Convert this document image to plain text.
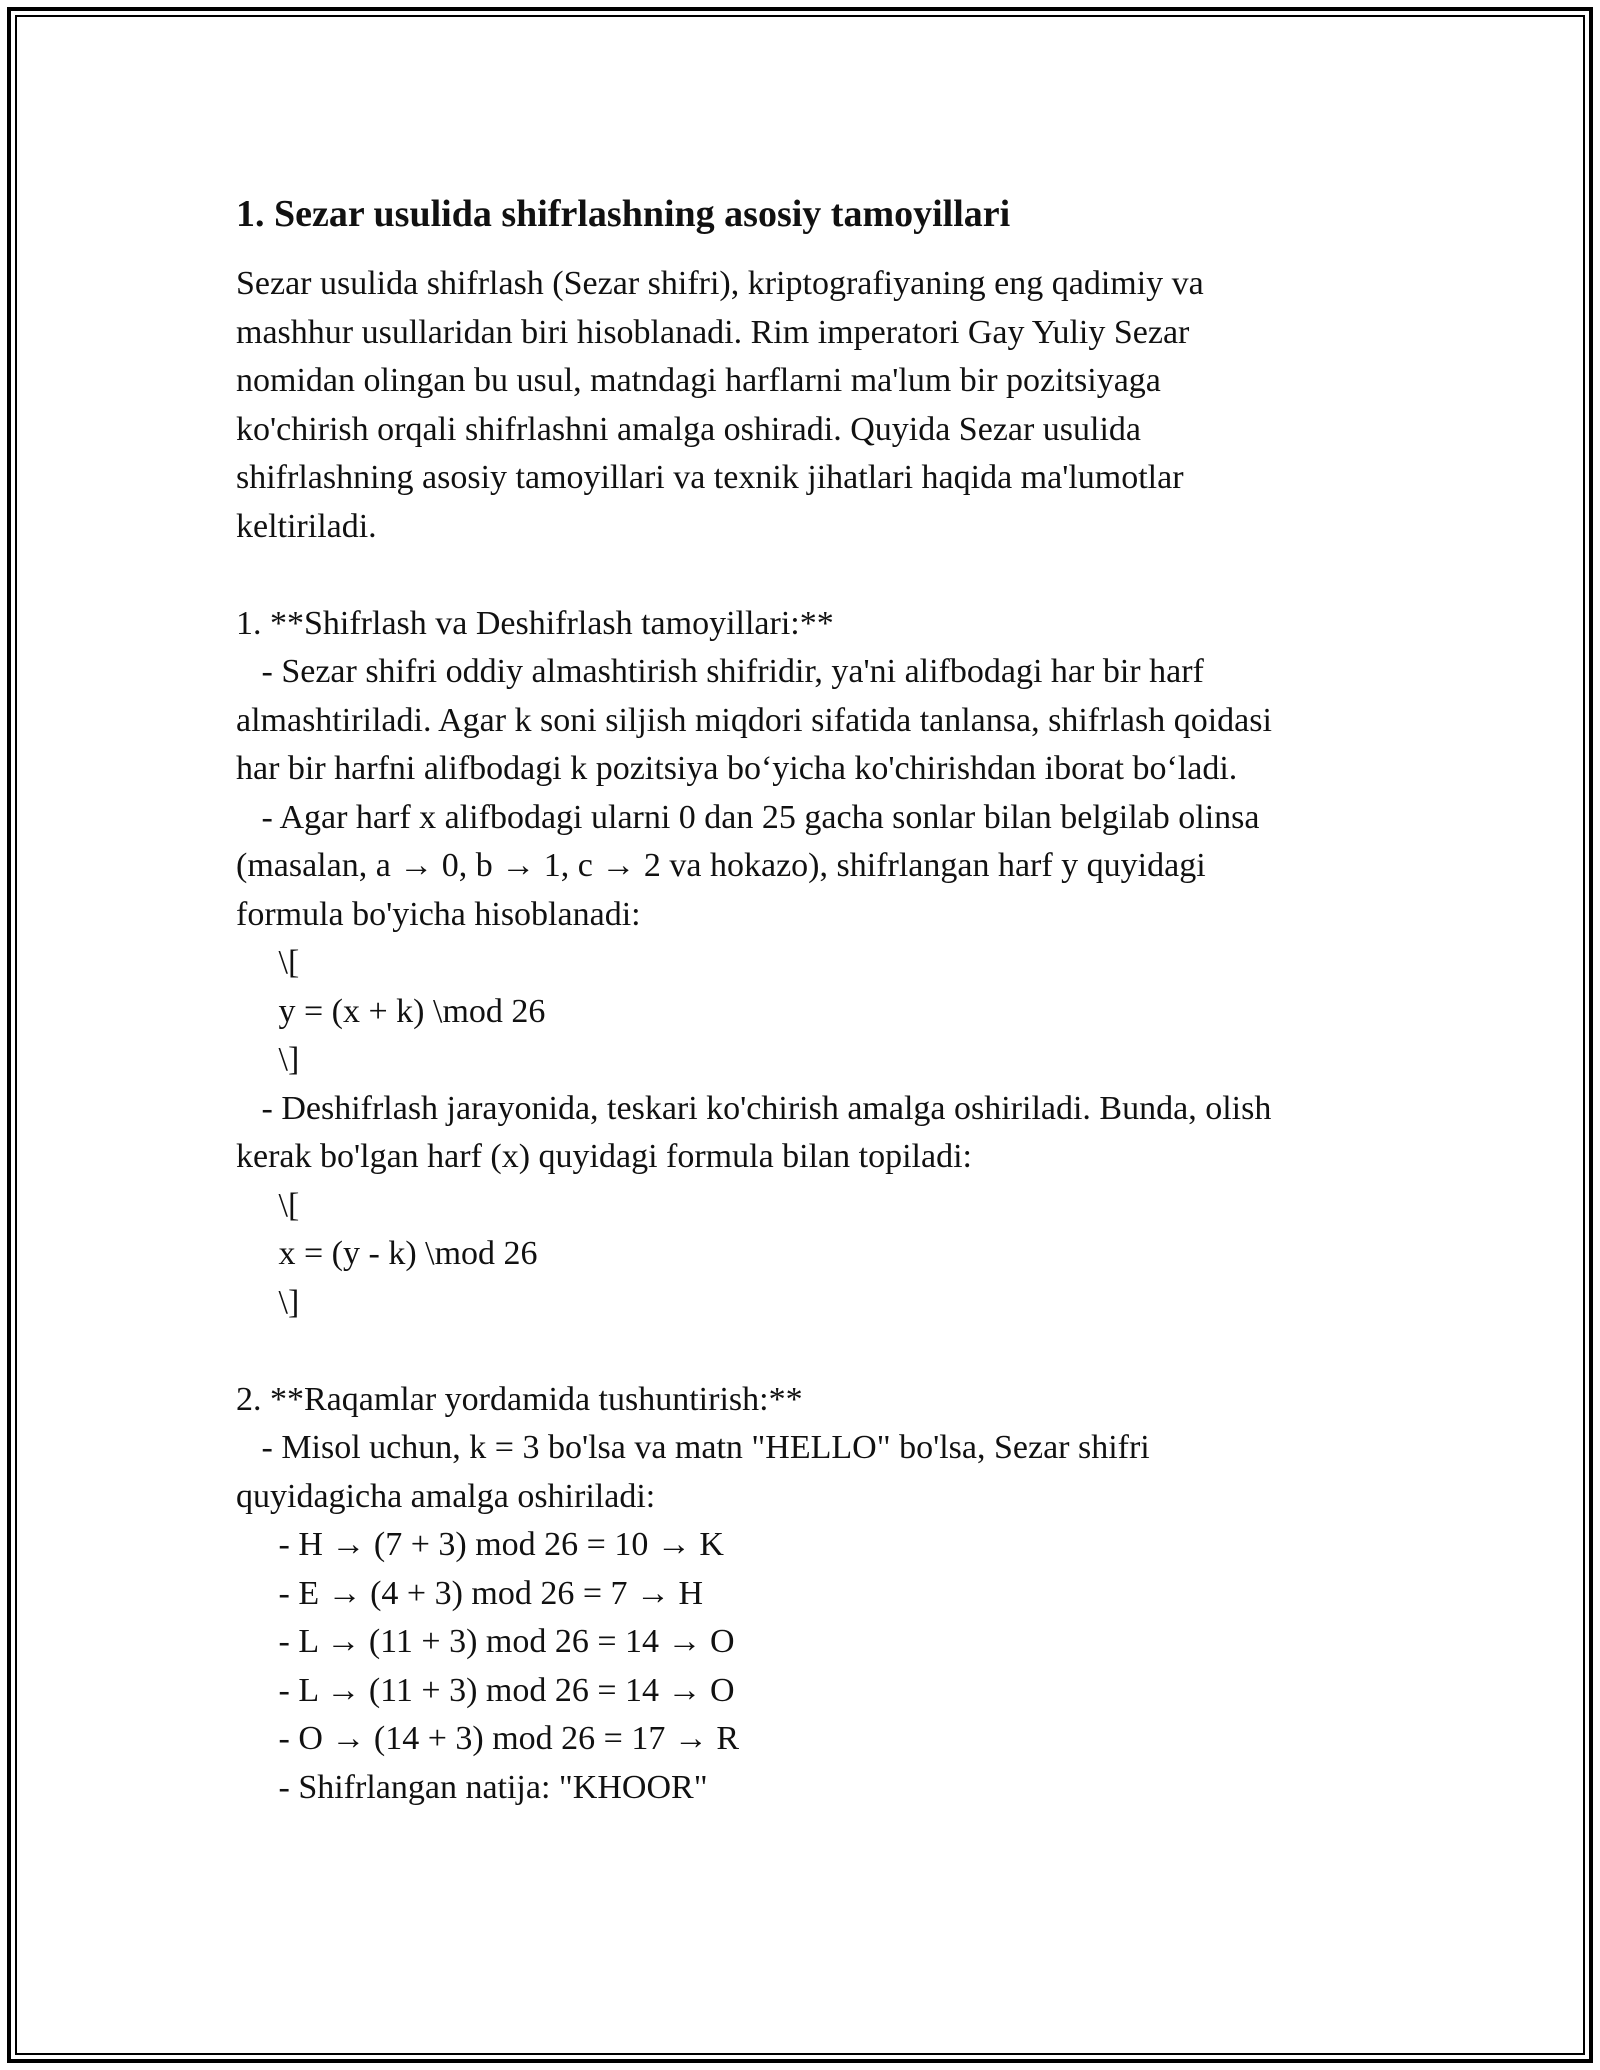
1. Sezar usulida shifrlashning asosiy tamoyillari
Sezar usulida shifrlash (Sezar shifri), kriptografiyaning eng qadimiy va
mashhur usullaridan biri hisoblanadi. Rim imperatori Gay Yuliy Sezar
nomidan olingan bu usul, matndagi harflarni ma'lum bir pozitsiyaga
ko'chirish orqali shifrlashni amalga oshiradi. Quyida Sezar usulida
shifrlashning asosiy tamoyillari va texnik jihatlari haqida ma'lumotlar
keltiriladi.
1. **Shifrlash va Deshifrlash tamoyillari:**
- Sezar shifri oddiy almashtirish shifridir, ya'ni alifbodagi har bir harf
almashtiriladi. Agar k soni siljish miqdori sifatida tanlansa, shifrlash qoidasi
har bir harfni alifbodagi k pozitsiya bo‘yicha ko'chirishdan iborat bo‘ladi.
- Agar harf x alifbodagi ularni 0 dan 25 gacha sonlar bilan belgilab olinsa
(masalan, a → 0, b → 1, c → 2 va hokazo), shifrlangan harf y quyidagi
formula bo'yicha hisoblanadi:
\[
y = (x + k) \mod 26
\]
- Deshifrlash jarayonida, teskari ko'chirish amalga oshiriladi. Bunda, olish
kerak bo'lgan harf (x) quyidagi formula bilan topiladi:
\[
x = (y - k) \mod 26
\]
2. **Raqamlar yordamida tushuntirish:**
- Misol uchun, k = 3 bo'lsa va matn "HELLO" bo'lsa, Sezar shifri
quyidagicha amalga oshiriladi:
- H → (7 + 3) mod 26 = 10 → K
- E → (4 + 3) mod 26 = 7 → H
- L → (11 + 3) mod 26 = 14 → O
- L → (11 + 3) mod 26 = 14 → O
- O → (14 + 3) mod 26 = 17 → R
- Shifrlangan natija: "KHOOR"
